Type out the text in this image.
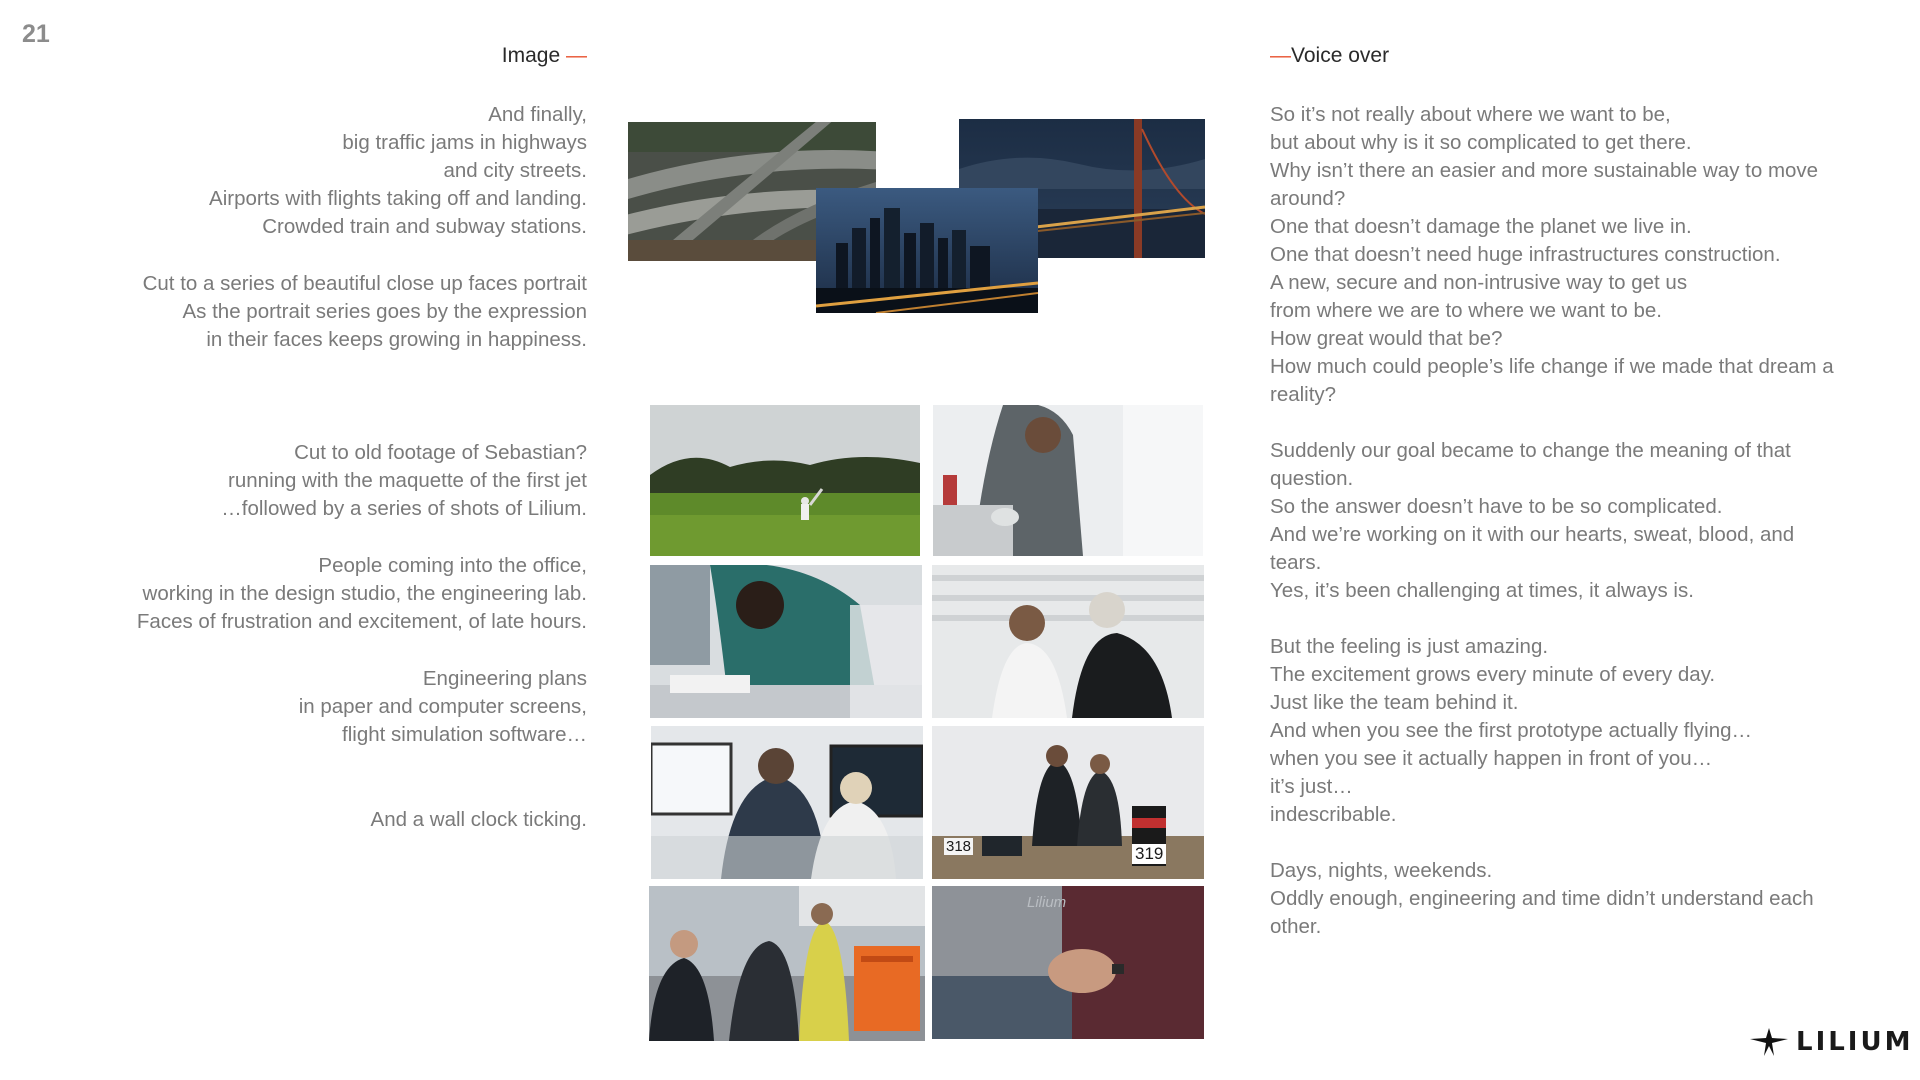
21
Image —	—Voice over

And finally,

big traffic jams in highways

and city streets.

Airports with flights taking off and landing.

Crowded train and subway stations.

Cut to a series of beautiful close up faces portrait

As the portrait series goes by the expression

in their faces keeps growing in happiness.

Cut to old footage of Sebastian?

running with the maquette of the first jet

…followed by a series of shots of Lilium.

People coming into the office,

working in the design studio, the engineering lab.

Faces of frustration and excitement, of late hours.

Engineering plans

in paper and computer screens,

flight simulation software…

And a wall clock ticking.

So it’s not really about where we want to be,

but about why is it so complicated to get there.

Why isn’t there an easier and more sustainable way to move

around?

One that doesn’t damage the planet we live in.

One that doesn’t need huge infrastructures construction.

A new, secure and non-intrusive way to get us

from where we are to where we want to be.

How great would that be?

How much could people’s life change if we made that dream a

reality?

Suddenly our goal became to change the meaning of that

question.

So the answer doesn’t have to be so complicated.

And we’re working on it with our hearts, sweat, blood, and

tears.

Yes, it’s been challenging at times, it always is.

But the feeling is just amazing.

The excitement grows every minute of every day.

Just like the team behind it.

And when you see the first prototype actually flying…

when you see it actually happen in front of you…

it’s just…

indescribable.

Days, nights, weekends.

Oddly enough, engineering and time didn’t understand each

other.

318	319
Lilium
LILIUM
